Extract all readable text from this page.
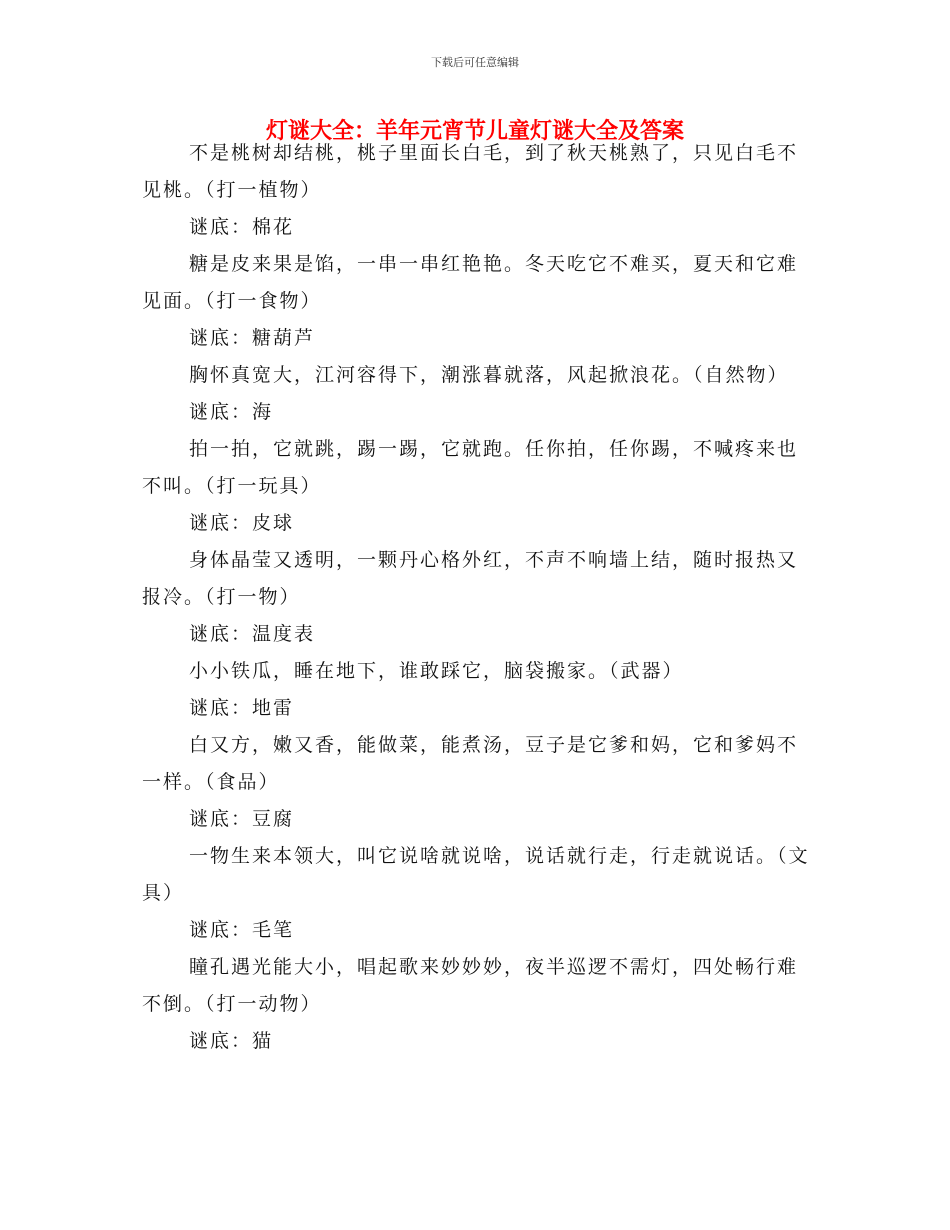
下载后可任意编辑
灯谜大全：羊年元宵节儿童灯谜大全及答案

不是桃树却结桃，桃子里面长白毛，到了秋天桃熟了，只见白毛不见桃。（打一植物）

谜底：棉花

糖是皮来果是馅，一串一串红艳艳。冬天吃它不难买，夏天和它难见面。（打一食物）

谜底：糖葫芦

胸怀真宽大，江河容得下，潮涨暮就落，风起掀浪花。（自然物）

谜底：海

拍一拍，它就跳，踢一踢，它就跑。任你拍，任你踢，不喊疼来也不叫。（打一玩具）

谜底：皮球

身体晶莹又透明，一颗丹心格外红，不声不响墙上结，随时报热又报冷。（打一物）

谜底：温度表

小小铁瓜，睡在地下，谁敢踩它，脑袋搬家。（武器）

谜底：地雷

白又方，嫩又香，能做菜，能煮汤，豆子是它爹和妈，它和爹妈不一样。（食品）

谜底：豆腐

一物生来本领大，叫它说啥就说啥，说话就行走，行走就说话。（文具）

谜底：毛笔

瞳孔遇光能大小，唱起歌来妙妙妙，夜半巡逻不需灯，四处畅行难不倒。（打一动物）

谜底：猫
